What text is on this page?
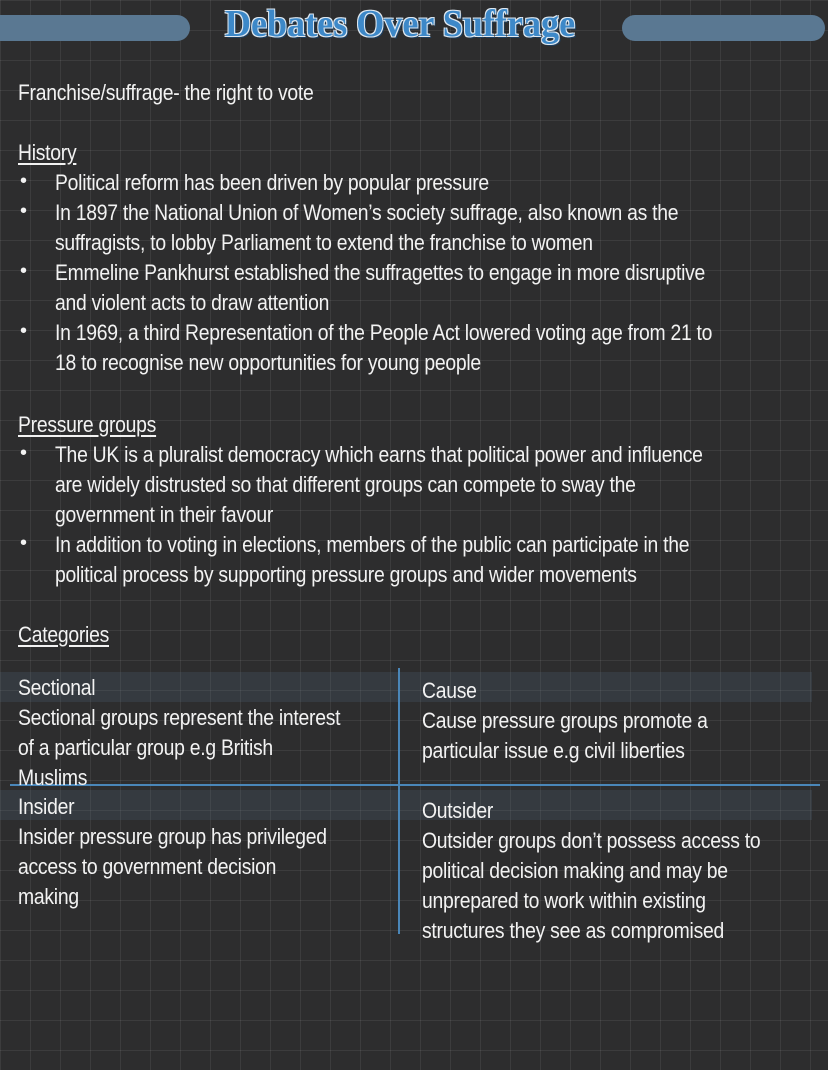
Debates Over Suffrage
Franchise/suffrage- the right to vote
History
• Political reform has been driven by popular pressure
• In 1897 the National Union of Women’s society suffrage, also known as the
suffragists, to lobby Parliament to extend the franchise to women
• Emmeline Pankhurst established the suffragettes to engage in more disruptive
and violent acts to draw attention
• In 1969, a third Representation of the People Act lowered voting age from 21 to
18 to recognise new opportunities for young people
Pressure groups
• The UK is a pluralist democracy which earns that political power and influence
are widely distrusted so that different groups can compete to sway the
government in their favour
• In addition to voting in elections, members of the public can participate in the
political process by supporting pressure groups and wider movements
Categories
Sectional
Sectional groups represent the interest
of a particular group e.g British
Muslims
Cause
Cause pressure groups promote a
particular issue e.g civil liberties
Insider
Insider pressure group has privileged
access to government decision
making
Outsider
Outsider groups don’t possess access to
political decision making and may be
unprepared to work within existing
structures they see as compromised
